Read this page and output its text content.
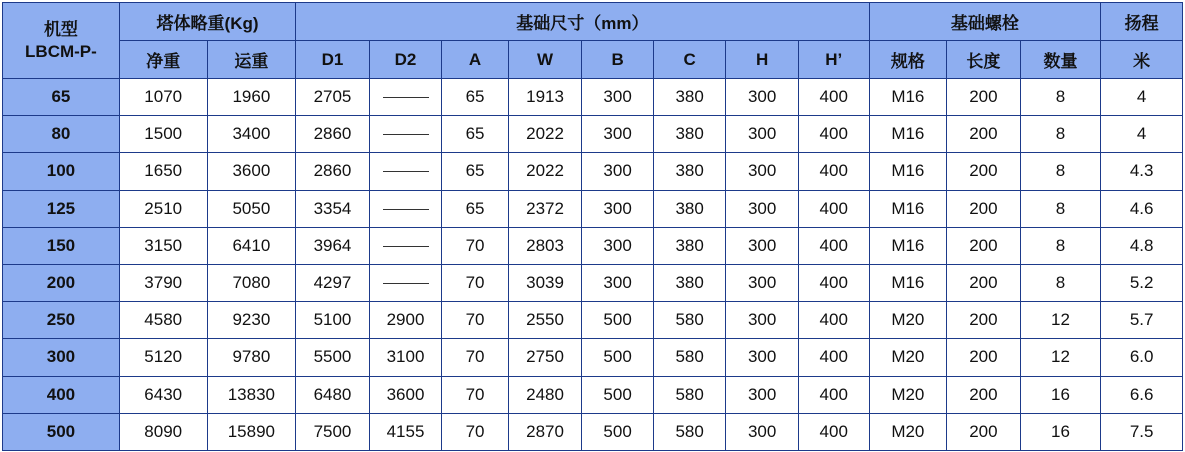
机型
LBCM-P-	塔体略重(Kg)		基础尺寸（mm）								基础螺栓			扬程
	净重	运重	D1	D2	A	W	B	C	H	H’	规格	长度	数量	米
65	1070	1960	2705		65	1913	300	380	300	400	M16	200	8	4
80	1500	3400	2860		65	2022	300	380	300	400	M16	200	8	4
100	1650	3600	2860		65	2022	300	380	300	400	M16	200	8	4.3
125	2510	5050	3354		65	2372	300	380	300	400	M16	200	8	4.6
150	3150	6410	3964		70	2803	300	380	300	400	M16	200	8	4.8
200	3790	7080	4297		70	3039	300	380	300	400	M16	200	8	5.2
250	4580	9230	5100	2900	70	2550	500	580	300	400	M20	200	12	5.7
300	5120	9780	5500	3100	70	2750	500	580	300	400	M20	200	12	6.0
400	6430	13830	6480	3600	70	2480	500	580	300	400	M20	200	16	6.6
500	8090	15890	7500	4155	70	2870	500	580	300	400	M20	200	16	7.5
